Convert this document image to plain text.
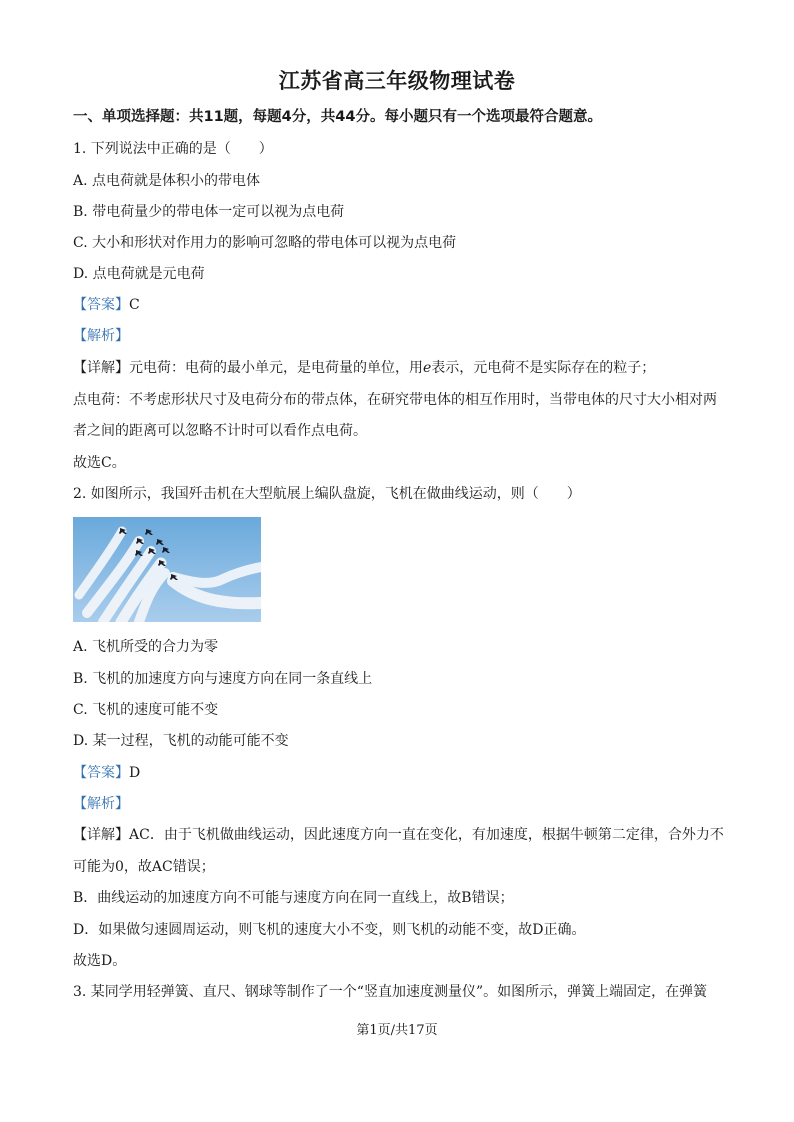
江苏省高三年级物理试卷
一、单项选择题：共11题，每题4分，共44分。每小题只有一个选项最符合题意。
1. 下列说法中正确的是（　　）
A. 点电荷就是体积小的带电体
B. 带电荷量少的带电体一定可以视为点电荷
C. 大小和形状对作用力的影响可忽略的带电体可以视为点电荷
D. 点电荷就是元电荷
【答案】C
【解析】
【详解】元电荷：电荷的最小单元，是电荷量的单位，用e表示，元电荷不是实际存在的粒子；
点电荷：不考虑形状尺寸及电荷分布的带点体，在研究带电体的相互作用时，当带电体的尺寸大小相对两
者之间的距离可以忽略不计时可以看作点电荷。
故选C。
2. 如图所示，我国歼击机在大型航展上编队盘旋，飞机在做曲线运动，则（　　）
A. 飞机所受的合力为零
B. 飞机的加速度方向与速度方向在同一条直线上
C. 飞机的速度可能不变
D. 某一过程，飞机的动能可能不变
【答案】D
【解析】
【详解】AC．由于飞机做曲线运动，因此速度方向一直在变化，有加速度，根据牛顿第二定律，合外力不
可能为0，故AC错误；
B．曲线运动的加速度方向不可能与速度方向在同一直线上，故B错误；
D．如果做匀速圆周运动，则飞机的速度大小不变，则飞机的动能不变，故D正确。
故选D。
3. 某同学用轻弹簧、直尺、钢球等制作了一个“竖直加速度测量仪”。如图所示，弹簧上端固定，在弹簧
第1页/共17页
